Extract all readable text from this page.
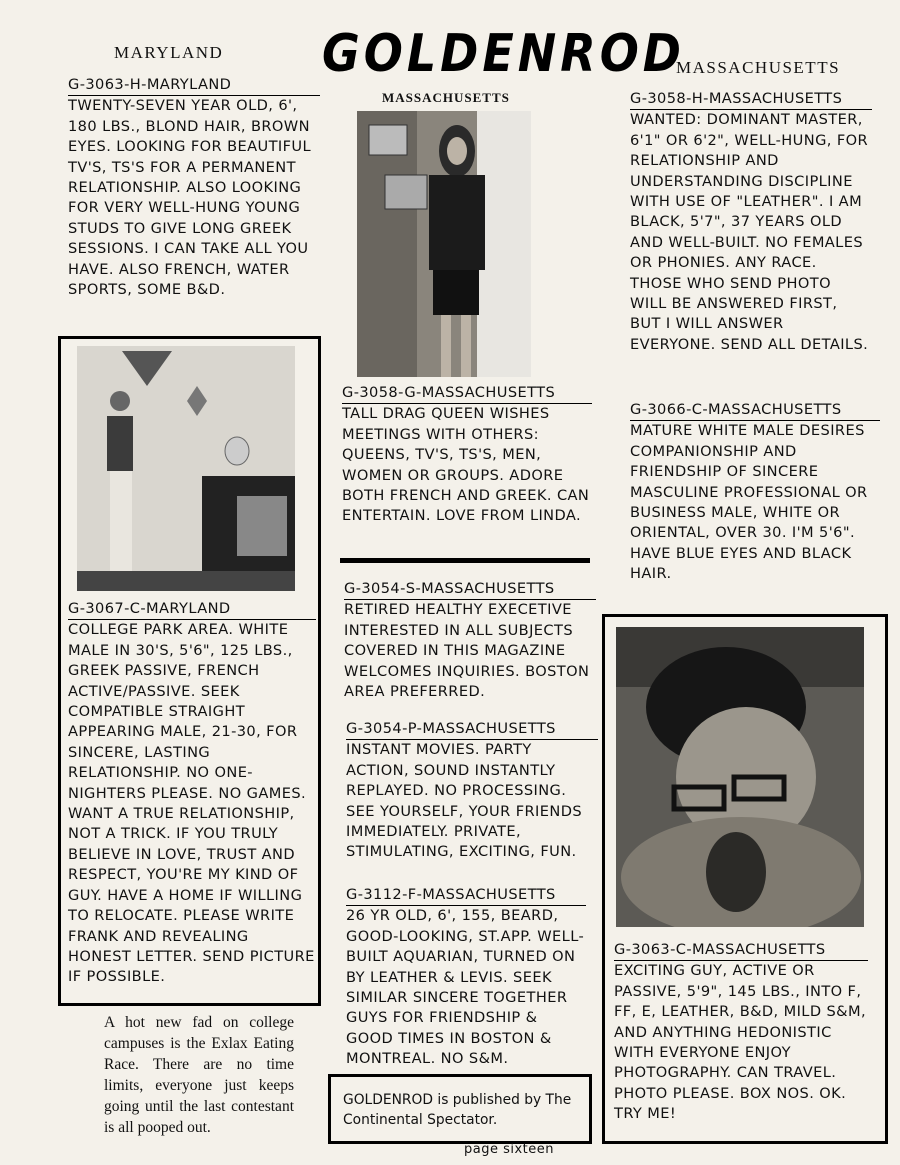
MARYLAND GOLDENROD
MASSACHUSETTS
MASSACHUSETTS
G-3063-H-MARYLAND
TWENTY-SEVEN YEAR OLD, 6', 180 LBS., BLOND HAIR, BROWN EYES. LOOKING FOR BEAUTIFUL TV'S, TS'S FOR A PERMANENT RELATIONSHIP. ALSO LOOKING FOR VERY WELL-HUNG YOUNG STUDS TO GIVE LONG GREEK SESSIONS. I CAN TAKE ALL YOU HAVE. ALSO FRENCH, WATER SPORTS, SOME B&D.
G-3067-C-MARYLAND
COLLEGE PARK AREA. WHITE MALE IN 30'S, 5'6", 125 LBS., GREEK PASSIVE, FRENCH ACTIVE/PASSIVE. SEEK COMPATIBLE STRAIGHT APPEARING MALE, 21-30, FOR SINCERE, LASTING RELATIONSHIP. NO ONE-NIGHTERS PLEASE. NO GAMES. WANT A TRUE RELATIONSHIP, NOT A TRICK. IF YOU TRULY BELIEVE IN LOVE, TRUST AND RESPECT, YOU'RE MY KIND OF GUY. HAVE A HOME IF WILLING TO RELOCATE. PLEASE WRITE FRANK AND REVEALING HONEST LETTER. SEND PICTURE IF POSSIBLE.
A hot new fad on college campuses is the Exlax Eating Race. There are no time limits, everyone just keeps going until the last contestant is all pooped out.
G-3058-G-MASSACHUSETTS
TALL DRAG QUEEN WISHES MEETINGS WITH OTHERS: QUEENS, TV'S, TS'S, MEN, WOMEN OR GROUPS. ADORE BOTH FRENCH AND GREEK. CAN ENTERTAIN. LOVE FROM LINDA.
G-3054-S-MASSACHUSETTS
RETIRED HEALTHY EXECETIVE INTERESTED IN ALL SUBJECTS COVERED IN THIS MAGAZINE WELCOMES INQUIRIES. BOSTON AREA PREFERRED.
G-3054-P-MASSACHUSETTS
INSTANT MOVIES. PARTY ACTION, SOUND INSTANTLY REPLAYED. NO PROCESSING. SEE YOURSELF, YOUR FRIENDS IMMEDIATELY. PRIVATE, STIMULATING, EXCITING, FUN.
G-3112-F-MASSACHUSETTS
26 YR OLD, 6', 155, BEARD, GOOD-LOOKING, ST.APP. WELL-BUILT AQUARIAN, TURNED ON BY LEATHER & LEVIS. SEEK SIMILAR SINCERE TOGETHER GUYS FOR FRIENDSHIP & GOOD TIMES IN BOSTON & MONTREAL. NO S&M.
GOLDENROD is published by The Continental Spectator.
page sixteen
G-3058-H-MASSACHUSETTS
WANTED: DOMINANT MASTER, 6'1" OR 6'2", WELL-HUNG, FOR RELATIONSHIP AND UNDERSTANDING DISCIPLINE WITH USE OF "LEATHER". I AM BLACK, 5'7", 37 YEARS OLD AND WELL-BUILT. NO FEMALES OR PHONIES. ANY RACE. THOSE WHO SEND PHOTO WILL BE ANSWERED FIRST, BUT I WILL ANSWER EVERYONE. SEND ALL DETAILS.
G-3066-C-MASSACHUSETTS
MATURE WHITE MALE DESIRES COMPANIONSHIP AND FRIENDSHIP OF SINCERE MASCULINE PROFESSIONAL OR BUSINESS MALE, WHITE OR ORIENTAL, OVER 30. I'M 5'6". HAVE BLUE EYES AND BLACK HAIR.
G-3063-C-MASSACHUSETTS
EXCITING GUY, ACTIVE OR PASSIVE, 5'9", 145 LBS., INTO F, FF, E, LEATHER, B&D, MILD S&M, AND ANYTHING HEDONISTIC WITH EVERYONE ENJOY PHOTOGRAPHY. CAN TRAVEL. PHOTO PLEASE. BOX NOS. OK. TRY ME!
